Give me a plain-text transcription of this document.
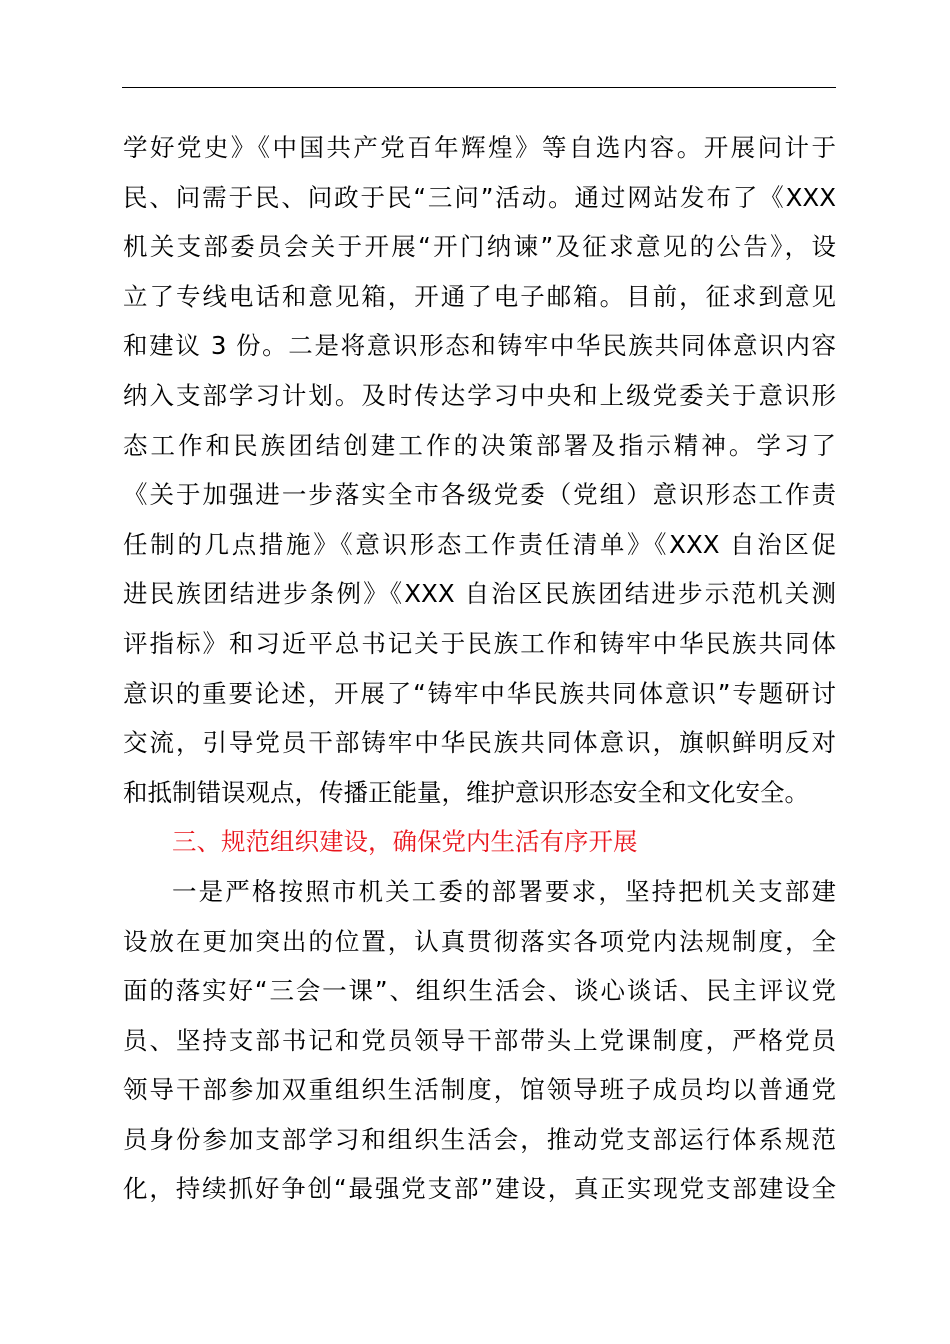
学好党史》《中国共产党百年辉煌》等自选内容。开展问计于
民、问需于民、问政于民“三问”活动。通过网站发布了《XXX
机关支部委员会关于开展“开门纳谏”及征求意见的公告》，设
立了专线电话和意见箱，开通了电子邮箱。目前，征求到意见
和建议 3 份。二是将意识形态和铸牢中华民族共同体意识内容
纳入支部学习计划。及时传达学习中央和上级党委关于意识形
态工作和民族团结创建工作的决策部署及指示精神。学习了
《关于加强进一步落实全市各级党委（党组）意识形态工作责
任制的几点措施》《意识形态工作责任清单》《XXX 自治区促
进民族团结进步条例》《XXX 自治区民族团结进步示范机关测
评指标》和习近平总书记关于民族工作和铸牢中华民族共同体
意识的重要论述，开展了“铸牢中华民族共同体意识”专题研讨
交流，引导党员干部铸牢中华民族共同体意识，旗帜鲜明反对
和抵制错误观点，传播正能量，维护意识形态安全和文化安全。
三、规范组织建设，确保党内生活有序开展
一是严格按照市机关工委的部署要求，坚持把机关支部建
设放在更加突出的位置，认真贯彻落实各项党内法规制度，全
面的落实好“三会一课”、组织生活会、谈心谈话、民主评议党
员、坚持支部书记和党员领导干部带头上党课制度，严格党员
领导干部参加双重组织生活制度，馆领导班子成员均以普通党
员身份参加支部学习和组织生活会，推动党支部运行体系规范
化，持续抓好争创“最强党支部”建设，真正实现党支部建设全
